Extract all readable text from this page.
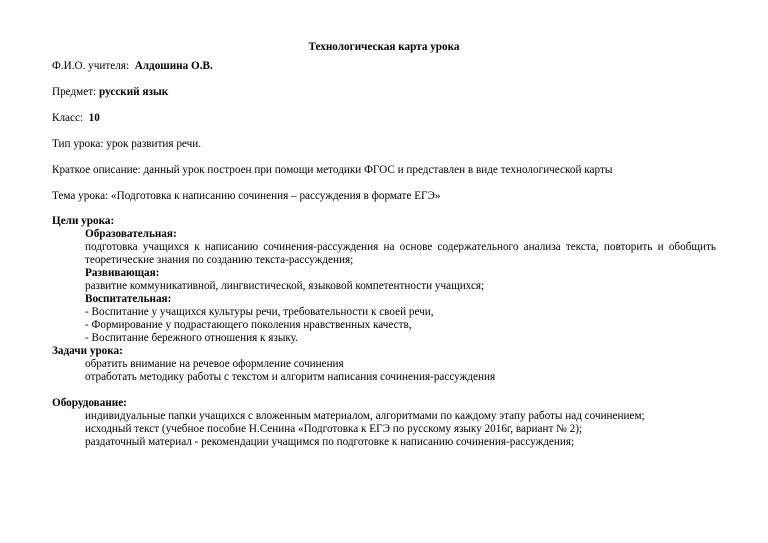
Технологическая карта урока
Ф.И.О. учителя: Алдошина О.В.
Предмет: русский язык
Класс: 10
Тип урока: урок развития речи.
Краткое описание: данный урок построен при помощи методики ФГОС и представлен в виде технологической карты
Тема урока: «Подготовка к написанию сочинения – рассуждения в формате ЕГЭ»
Цели урока:
Образовательная:
подготовка учащихся к написанию сочинения-рассуждения на основе содержательного анализа текста, повторить и обобщить теоретические знания по созданию текста-рассуждения;
Развивающая:
развитие коммуникативной, лингвистической, языковой компетентности учащихся;
Воспитательная:
- Воспитание у учащихся культуры речи, требовательности к своей речи,
- Формирование у подрастающего поколения нравственных качеств,
- Воспитание бережного отношения к языку.
Задачи урока:
обратить внимание на речевое оформление сочинения
отработать методику работы с текстом и алгоритм написания сочинения-рассуждения
Оборудование:
индивидуальные папки учащихся с вложенным материалом, алгоритмами по каждому этапу работы над сочинением;
исходный текст (учебное пособие Н.Сенина «Подготовка к ЕГЭ по русскому языку 2016г, вариант № 2);
раздаточный материал - рекомендации учащимся по подготовке к написанию сочинения-рассуждения;
